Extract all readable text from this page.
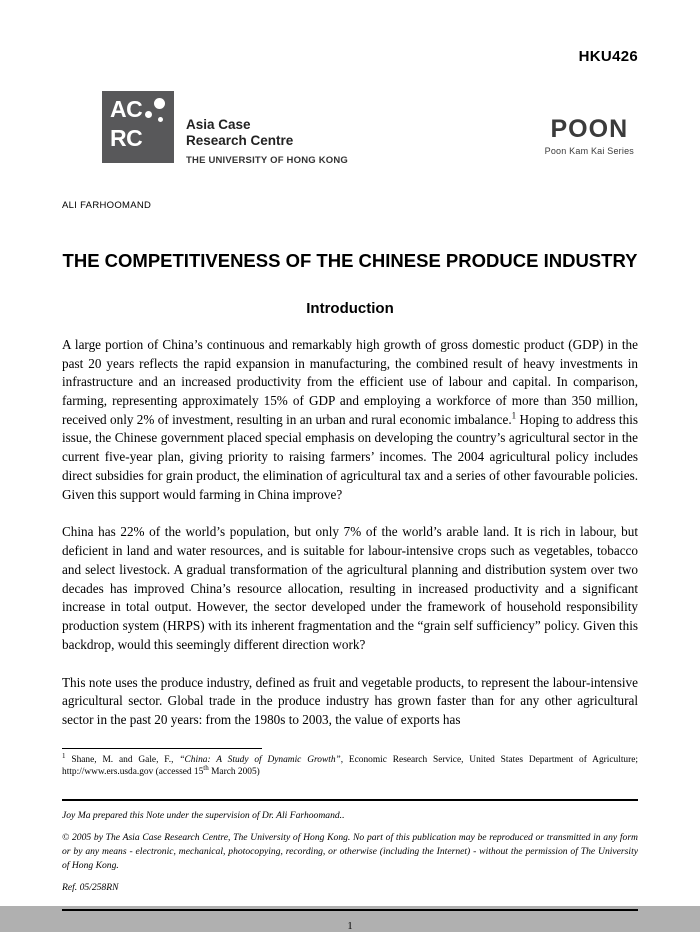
HKU426
AC
RC
Asia Case
Research Centre
THE UNIVERSITY OF HONG KONG
POON
Poon Kam Kai Series
ALI FARHOOMAND
THE COMPETITIVENESS OF THE CHINESE PRODUCE INDUSTRY
Introduction

A large portion of China’s continuous and remarkably high growth of gross domestic product (GDP) in the past 20 years reflects the rapid expansion in manufacturing, the combined result of heavy investments in infrastructure and an increased productivity from the efficient use of labour and capital. In comparison, farming, representing approximately 15% of GDP and employing a workforce of more than 350 million, received only 2% of investment, resulting in an urban and rural economic imbalance.$^1$ Hoping to address this issue, the Chinese government placed special emphasis on developing the country’s agricultural sector in the current five-year plan, giving priority to raising farmers’ incomes. The 2004 agricultural policy includes direct subsidies for grain product, the elimination of agricultural tax and a series of other favourable policies. Given this support would farming in China improve?

China has 22% of the world’s population, but only 7% of the world’s arable land. It is rich in labour, but deficient in land and water resources, and is suitable for labour-intensive crops such as vegetables, tobacco and select livestock. A gradual transformation of the agricultural planning and distribution system over two decades has improved China’s resource allocation, resulting in increased productivity and a significant increase in total output. However, the sector developed under the framework of household responsibility production system (HRPS) with its inherent fragmentation and the “grain self sufficiency” policy. Given this backdrop, would this seemingly different direction work?

This note uses the produce industry, defined as fruit and vegetable products, to represent the labour-intensive agricultural sector. Global trade in the produce industry has grown faster than for any other agricultural sector in the past 20 years: from the 1980s to 2003, the value of exports has

$^1$ Shane, M. and Gale, F., “China: A Study of Dynamic Growth”, Economic Research Service, United States Department of Agriculture; http://www.ers.usda.gov (accessed 15th March 2005)
Joy Ma prepared this Note under the supervision of Dr. Ali Farhoomand..
© 2005 by The Asia Case Research Centre, The University of Hong Kong. No part of this publication may be reproduced or transmitted in any form or by any means - electronic, mechanical, photocopying, recording, or otherwise (including the Internet) - without the permission of The University of Hong Kong.
Ref. 05/258RN
1
